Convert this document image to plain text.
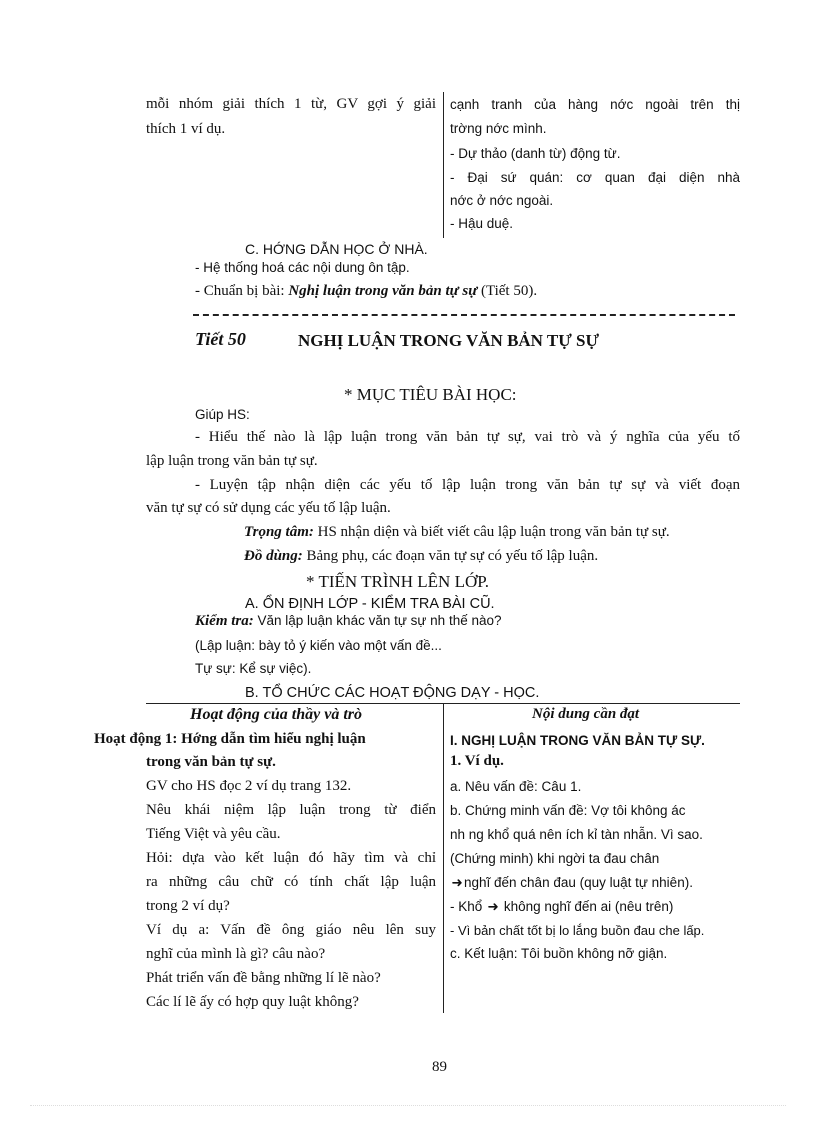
mỗi nhóm giải thích 1 từ, GV gợi ý giải
thích 1 ví dụ.
cạnh tranh của hàng nớc ngoài trên thị
trờng nớc mình.
- Dự thảo (danh từ) động từ.
- Đại sứ quán: cơ quan đại diện nhà
nớc ở nớc ngoài.
- Hậu duệ.
C. HỚNG DẪN HỌC Ở NHÀ.
- Hệ thống hoá các nội dung ôn tập.
- Chuẩn bị bài: Nghị luận trong văn bản tự sự (Tiết 50).
Tiết 50	NGHỊ LUẬN TRONG VĂN BẢN TỰ SỰ
* MỤC TIÊU BÀI HỌC:
Giúp HS:
- Hiểu thế nào là lập luận trong văn bản tự sự, vai trò và ý nghĩa của yếu tố
lập luận trong văn bản tự sự.
- Luyện tập nhận diện các yếu tố lập luận trong văn bản tự sự và viết đoạn
văn tự sự có sử dụng các yếu tố lập luận.
Trọng tâm: HS nhận diện và biết viết câu lập luận trong văn bản tự sự.
Đồ dùng: Bảng phụ, các đoạn văn tự sự có yếu tố lập luận.
* TIẾN TRÌNH LÊN LỚP.
A. ỔN ĐỊNH LỚP - KIỂM TRA BÀI CŨ.
Kiểm tra: Văn lập luận khác văn tự sự nh thế nào?
(Lập luận: bày tỏ ý kiến vào một vấn đề...
Tự sự: Kể sự việc).
B. TỔ CHỨC CÁC HOẠT ĐỘNG DẠY - HỌC.
Hoạt động của thầy và trò	Nội dung cần đạt
Hoạt động 1: Hớng dẫn tìm hiểu nghị luận
trong văn bản tự sự.
GV cho HS đọc 2 ví dụ trang 132.
Nêu khái niệm lập luận trong từ điển
Tiếng Việt và yêu cầu.
Hỏi: dựa vào kết luận đó hãy tìm và chỉ
ra những câu chữ có tính chất lập luận
trong 2 ví dụ?
Ví dụ a: Vấn đề ông giáo nêu lên suy
nghĩ của mình là gì? câu nào?
Phát triển vấn đề bằng những lí lẽ nào?
Các lí lẽ ấy có hợp quy luật không?
I. NGHỊ LUẬN TRONG VĂN BẢN TỰ SỰ.
1. Ví dụ.
a. Nêu vấn đề: Câu 1.
b. Chứng minh vấn đề: Vợ tôi không ác
nh ng khổ quá nên ích kỉ tàn nhẫn. Vì sao.
(Chứng minh) khi ngời ta đau chân
➜nghĩ đến chân đau (quy luật tự nhiên).
- Khổ ➜ không nghĩ đến ai (nêu trên)
- Vì bản chất tốt bị lo lắng buồn đau che lấp.
c. Kết luận: Tôi buồn không nỡ giận.
89
